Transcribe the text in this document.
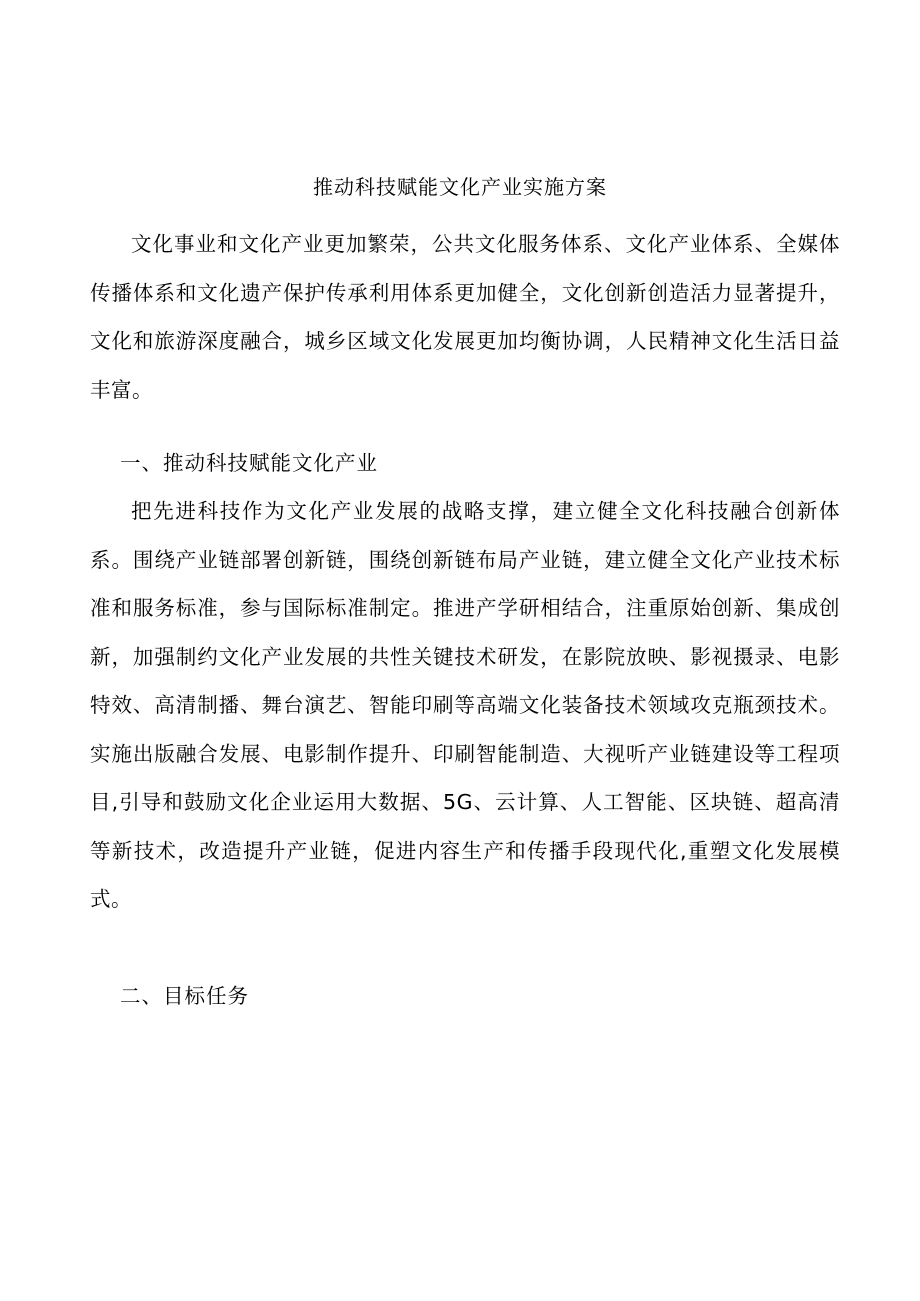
推动科技赋能文化产业实施方案

文化事业和文化产业更加繁荣，公共文化服务体系、文化产业体系、全媒体传播体系和文化遗产保护传承利用体系更加健全，文化创新创造活力显著提升，文化和旅游深度融合，城乡区域文化发展更加均衡协调，人民精神文化生活日益丰富。

一、推动科技赋能文化产业

把先进科技作为文化产业发展的战略支撑，建立健全文化科技融合创新体系。围绕产业链部署创新链，围绕创新链布局产业链，建立健全文化产业技术标准和服务标准，参与国际标准制定。推进产学研相结合，注重原始创新、集成创新，加强制约文化产业发展的共性关键技术研发，在影院放映、影视摄录、电影特效、高清制播、舞台演艺、智能印刷等高端文化装备技术领域攻克瓶颈技术。实施出版融合发展、电影制作提升、印刷智能制造、大视听产业链建设等工程项目,引导和鼓励文化企业运用大数据、5G、云计算、人工智能、区块链、超高清等新技术，改造提升产业链，促进内容生产和传播手段现代化,重塑文化发展模式。

二、目标任务
